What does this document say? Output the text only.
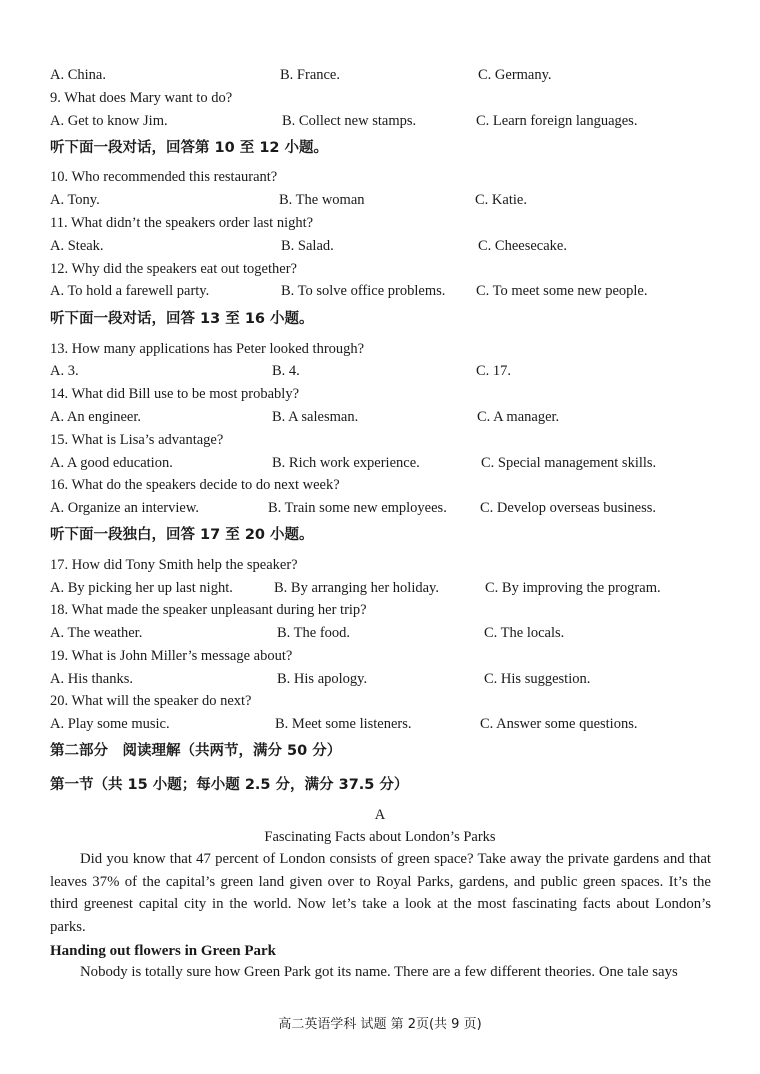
A. China.	B. France.	C. Germany.
9. What does Mary want to do?
A. Get to know Jim.	B. Collect new stamps.	C. Learn foreign languages.
听下面一段对话，回答第 10 至 12 小题。
10. Who recommended this restaurant?
A. Tony.	B. The woman	C. Katie.
11. What didn’t the speakers order last night?
A. Steak.	B. Salad.	C. Cheesecake.
12. Why did the speakers eat out together?
A. To hold a farewell party.	B. To solve office problems. C. To meet some new people.
听下面一段对话，回答 13 至 16 小题。
13. How many applications has Peter looked through?
A. 3.	B. 4.	C. 17.
14. What did Bill use to be most probably?
A. An engineer.	B. A salesman.	C. A manager.
15. What is Lisa’s advantage?
A. A good education.	B. Rich work experience.	C. Special management skills.
16. What do the speakers decide to do next week?
A. Organize an interview.	B. Train some new employees. C. Develop overseas business.
听下面一段独白，回答 17 至 20 小题。
17. How did Tony Smith help the speaker?
A. By picking her up last night.	B. By arranging her holiday.	C. By improving the program.
18. What made the speaker unpleasant during her trip?
A. The weather.	B. The food.	C. The locals.
19. What is John Miller’s message about?
A. His thanks.	B. His apology.	C. His suggestion.
20. What will the speaker do next?
A. Play some music.	B. Meet some listeners.	C. Answer some questions.
第二部分　阅读理解（共两节，满分 50 分）
第一节（共 15 小题；每小题 2.5 分，满分 37.5 分）
A
Fascinating Facts about London’s Parks

Did you know that 47 percent of London consists of green space? Take away the private gardens and that leaves 37% of the capital’s green land given over to Royal Parks, gardens, and public green spaces. It’s the third greenest capital city in the world. Now let’s take a look at the most fascinating facts about London’s parks.

Handing out flowers in Green Park

Nobody is totally sure how Green Park got its name. There are a few different theories. One tale says

高二英语学科 试题 第 2页(共 9 页)
